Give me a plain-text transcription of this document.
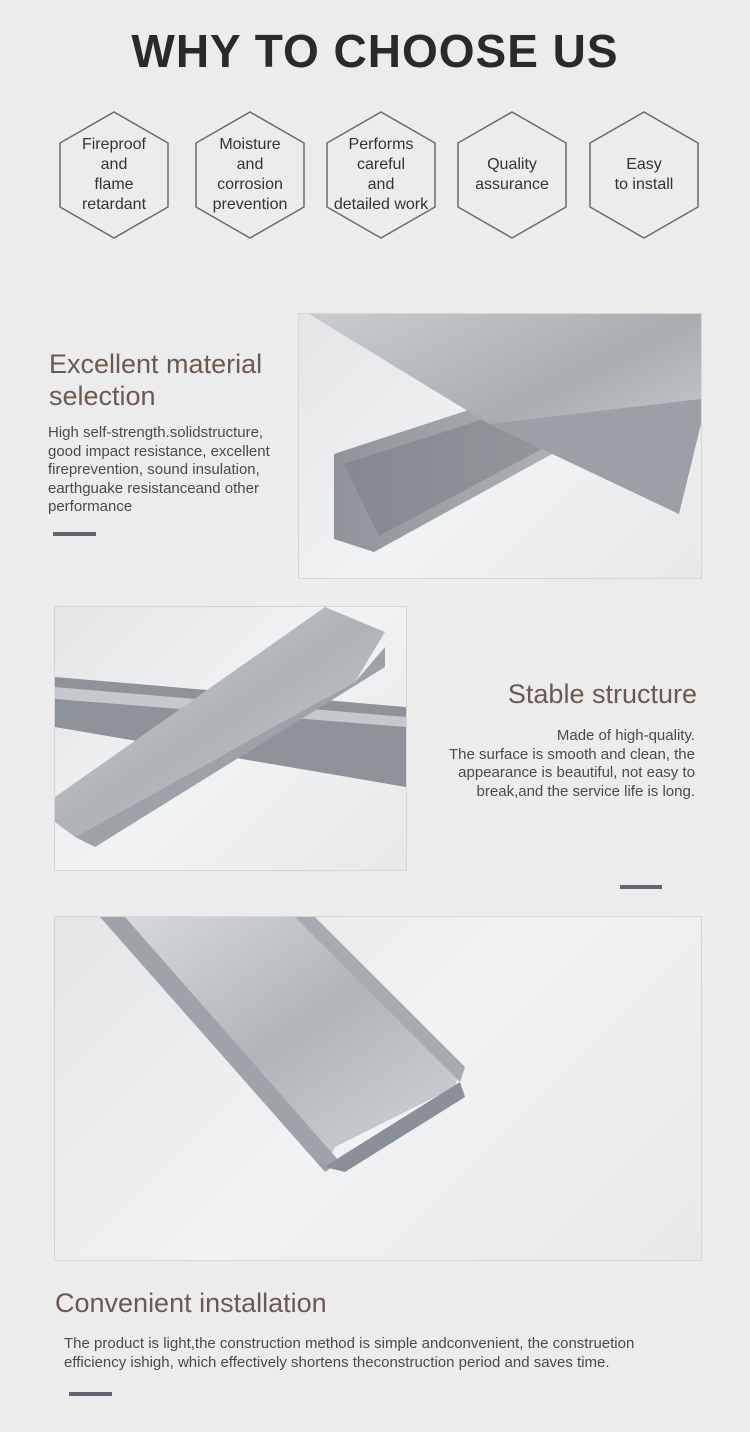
WHY TO CHOOSE US
Fireproof
and
flame
retardant
Moisture
and
corrosion
prevention
Performs
careful
and
detailed work
Quality
assurance
Easy
to install
Excellent material
selection
High self-strength.solidstructure,
good impact resistance, excellent
fireprevention, sound insulation,
earthguake resistanceand other
performance
Stable structure
Made of high-quality.
The surface is smooth and clean, the
appearance is beautiful, not easy to
break,and the service life is long.
Convenient installation
The product is light,the construction method is simple andconvenient, the construetion
efficiency ishigh, which effectively shortens theconstruction period and saves time.
